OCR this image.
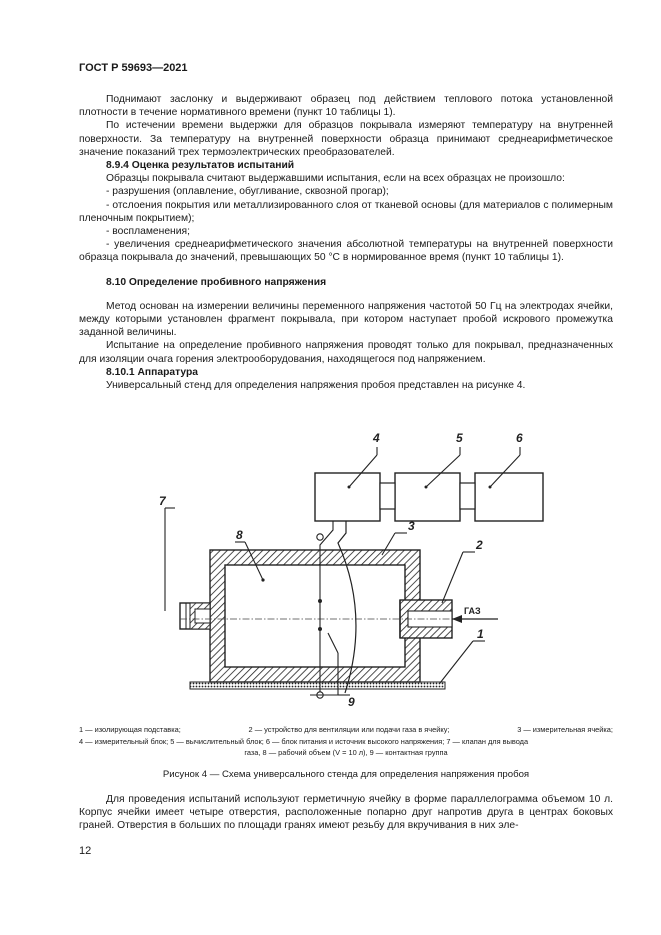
ГОСТ Р 59693—2021

Поднимают заслонку и выдерживают образец под действием теплового потока установленной плотности в течение нормативного времени (пункт 10 таблицы 1).

По истечении времени выдержки для образцов покрывала измеряют температуру на внутренней поверхности. За температуру на внутренней поверхности образца принимают среднеарифметическое значение показаний трех термоэлектрических преобразователей.

8.9.4 Оценка результатов испытаний

Образцы покрывала считают выдержавшими испытания, если на всех образцах не произошло:

- разрушения (оплавление, обугливание, сквозной прогар);

- отслоения покрытия или металлизированного слоя от тканевой основы (для материалов с полимерным пленочным покрытием);

- воспламенения;

- увеличения среднеарифметического значения абсолютной температуры на внутренней поверхности образца покрывала до значений, превышающих 50 °С в нормированное время (пункт 10 таблицы 1).

8.10 Определение пробивного напряжения

Метод основан на измерении величины переменного напряжения частотой 50 Гц на электродах ячейки, между которыми установлен фрагмент покрывала, при котором наступает пробой искрового промежутка заданной величины.

Испытание на определение пробивного напряжения проводят только для покрывал, предназначенных для изоляции очага горения электрооборудования, находящегося под напряжением.

8.10.1 Аппаратура

Универсальный стенд для определения напряжения пробоя представлен на рисунке 4.

ГАЗ
4	5	6
7
8
3
2
1
9
1 — изолирующая подставка;	2 — устройство для вентиляции или подачи газа в ячейку;	3 — измерительная ячейка;
4 — измерительный блок; 5 — вычислительный блок; 6 — блок питания и источник высокого напряжения; 7 — клапан для вывода
газа, 8 — рабочий объем (V = 10 л), 9 — контактная группа
Рисунок 4 — Схема универсального стенда для определения напряжения пробоя

Для проведения испытаний используют герметичную ячейку в форме параллелограмма объемом 10 л. Корпус ячейки имеет четыре отверстия, расположенные попарно друг напротив друга в центрах боковых граней. Отверстия в больших по площади гранях имеют резьбу для вкручивания в них эле-

12
